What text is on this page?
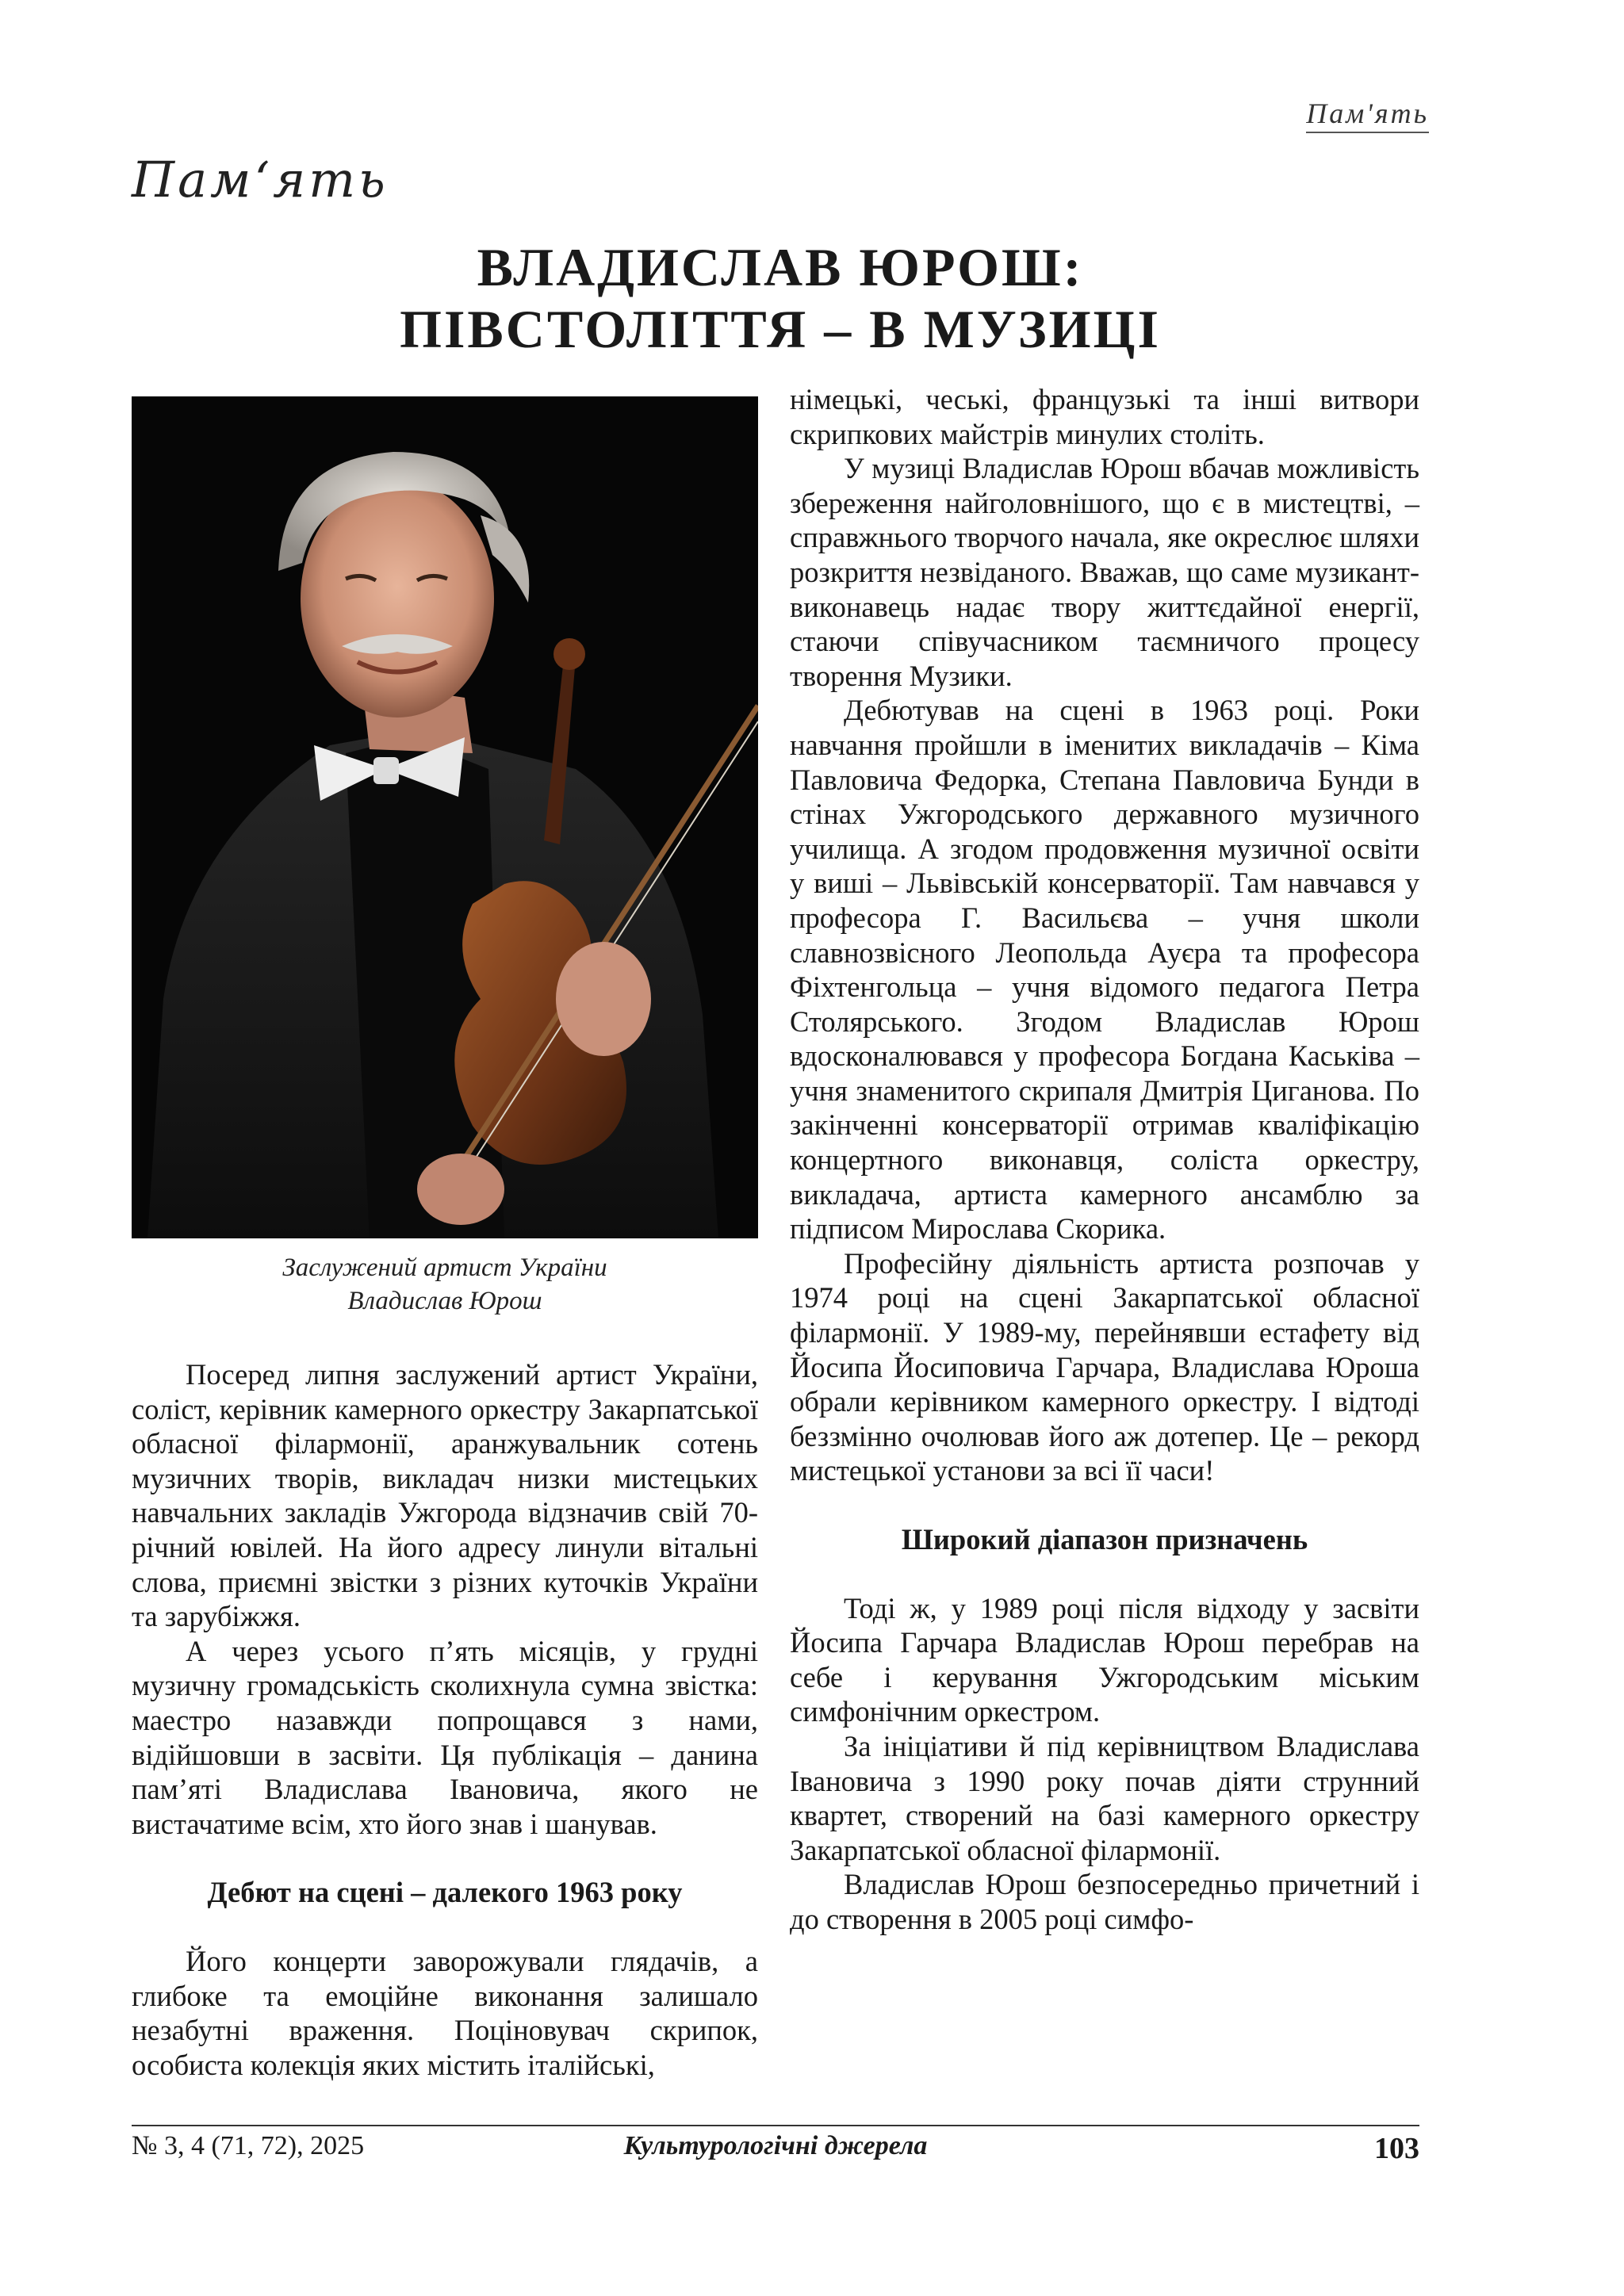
Пам'ять
Пам‘ять
ВЛАДИСЛАВ ЮРОШ:
ПІВСТОЛІТТЯ – В МУЗИЦІ
Заслужений артист України
Владислав Юрош

Посеред липня заслужений артист України, соліст, керівник камерного оркестру Закарпатської обласної філармонії, аранжувальник сотень музичних творів, викладач низки мистецьких навчальних закладів Ужгорода відзначив свій 70-річний ювілей. На його адресу линули вітальні слова, приємні звістки з різних куточків України та зарубіжжя.

А через усього п’ять місяців, у грудні музичну громадськість сколихнула сумна звістка: маестро назавжди попрощався з нами, відійшовши в засвіти. Ця публікація – данина пам’яті Владислава Івановича, якого не вистачатиме всім, хто його знав і шанував.

Дебют на сцені – далекого 1963 року

Його концерти заворожували глядачів, а глибоке та емоційне виконання залишало незабутні враження. Поціновувач скрипок, особиста колекція яких містить італійські,

німецькі, чеські, французькі та інші витвори скрипкових майстрів минулих століть.

У музиці Владислав Юрош вбачав можливість збереження найголовнішого, що є в мистецтві, – справжнього творчого начала, яке окреслює шляхи розкриття незвіданого. Вважав, що саме музикант-виконавець надає твору життєдайної енергії, стаючи співучасником таємничого процесу творення Музики.

Дебютував на сцені в 1963 році. Роки навчання пройшли в іменитих викладачів – Кіма Павловича Федорка, Степана Павловича Бунди в стінах Ужгородського державного музичного училища. А згодом продовження музичної освіти у виші – Львівській консерваторії. Там навчався у професора Г. Васильєва – учня школи славнозвісного Леопольда Ауєра та професора Фіхтенгольца – учня відомого педагога Петра Столярського. Згодом Владислав Юрош вдосконалювався у професора Богдана Каськіва – учня знаменитого скрипаля Дмитрія Циганова. По закінченні консерваторії отримав кваліфікацію концертного виконавця, соліста оркестру, викладача, артиста камерного ансамблю за підписом Мирослава Скорика.

Професійну діяльність артиста розпочав у 1974 році на сцені Закарпатської обласної філармонії. У 1989-му, перейнявши естафету від Йосипа Йосиповича Гарчара, Владислава Юроша обрали керівником камерного оркестру. І відтоді беззмінно очолював його аж дотепер. Це – рекорд мистецької установи за всі її часи!

Широкий діапазон призначень

Тоді ж, у 1989 році після відходу у засвіти Йосипа Гарчара Владислав Юрош перебрав на себе і керування Ужгородським міським симфонічним оркестром.

За ініціативи й під керівництвом Владислава Івановича з 1990 року почав діяти струнний квартет, створений на базі камерного оркестру Закарпатської обласної філармонії.

Владислав Юрош безпосередньо причетний і до створення в 2005 році симфо-

№ 3, 4 (71, 72), 2025	Культурологічні джерела	103
